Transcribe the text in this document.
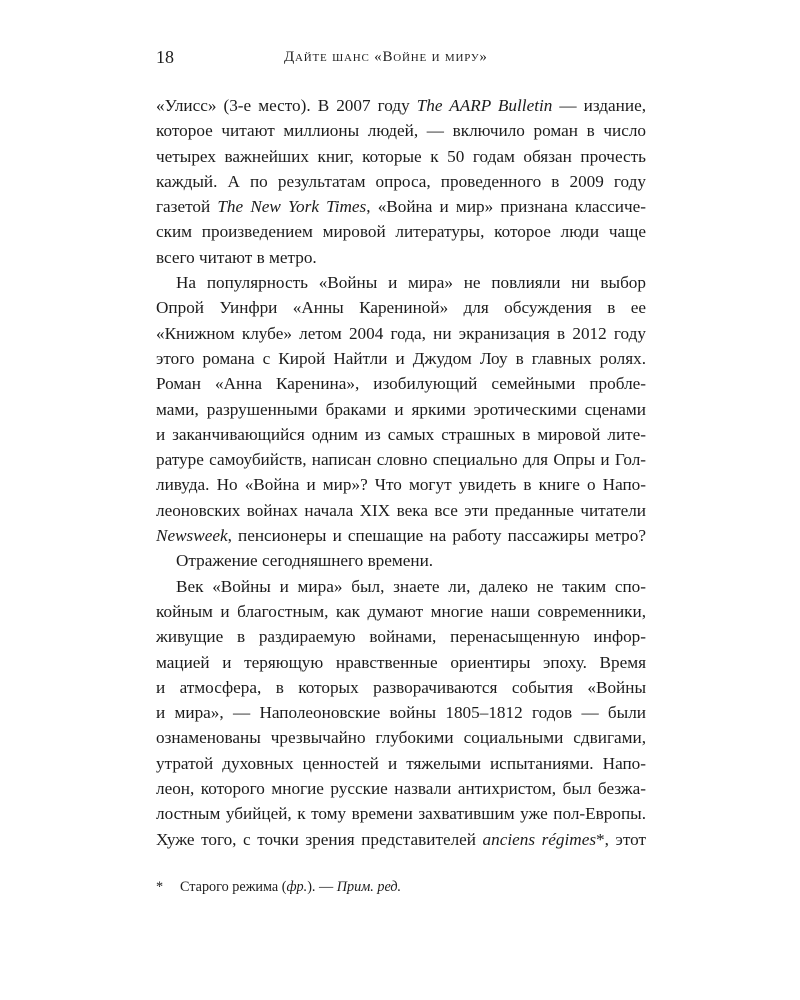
18	Дайте шанс «Войне и миру»
«Улисс» (3-е место). В 2007 году The AARP Bulletin — издание,
которое читают миллионы людей, — включило роман в число
четырех важнейших книг, которые к 50 годам обязан прочесть
каждый. А по результатам опроса, проведенного в 2009 году
газетой The New York Times, «Война и мир» признана классиче-
ским произведением мировой литературы, которое люди чаще
всего читают в метро.
На популярность «Войны и мира» не повлияли ни выбор
Опрой Уинфри «Анны Карениной» для обсуждения в ее
«Книжном клубе» летом 2004 года, ни экранизация в 2012 году
этого романа с Кирой Найтли и Джудом Лоу в главных ролях.
Роман «Анна Каренина», изобилующий семейными пробле-
мами, разрушенными браками и яркими эротическими сценами
и заканчивающийся одним из самых страшных в мировой лите-
ратуре самоубийств, написан словно специально для Опры и Гол-
ливуда. Но «Война и мир»? Что могут увидеть в книге о Напо-
леоновских войнах начала XIX века все эти преданные читатели
Newsweek, пенсионеры и спешащие на работу пассажиры метро?
Отражение сегодняшнего времени.
Век «Войны и мира» был, знаете ли, далеко не таким спо-
койным и благостным, как думают многие наши современники,
живущие в раздираемую войнами, перенасыщенную инфор-
мацией и теряющую нравственные ориентиры эпоху. Время
и атмосфера, в которых разворачиваются события «Войны
и мира», — Наполеоновские войны 1805–1812 годов — были
ознаменованы чрезвычайно глубокими социальными сдвигами,
утратой духовных ценностей и тяжелыми испытаниями. Напо-
леон, которого многие русские назвали антихристом, был безжа-
лостным убийцей, к тому времени захватившим уже пол-Европы.
Хуже того, с точки зрения представителей anciens régimes*, этот
* Старого режима (фр.). — Прим. ред.
